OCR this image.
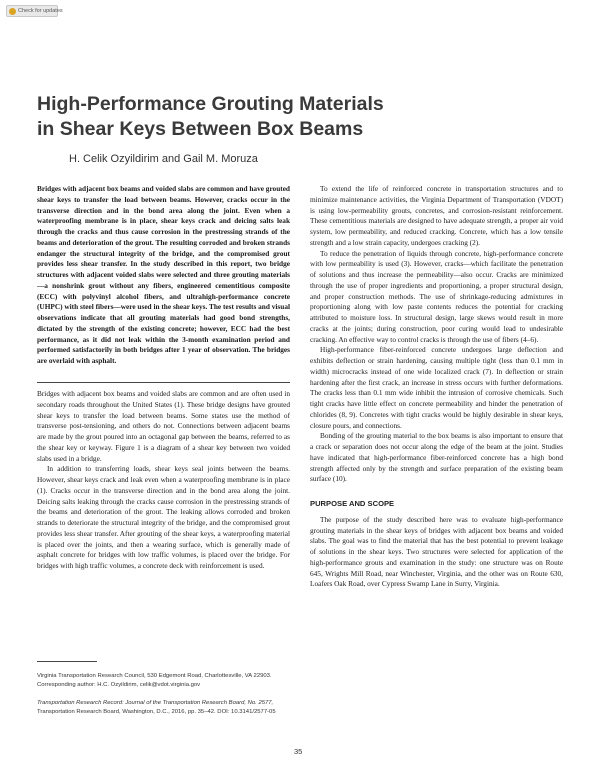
Check for updates
High-Performance Grouting Materials
in Shear Keys Between Box Beams

H. Celik Ozyildirim and Gail M. Moruza

Bridges with adjacent box beams and voided slabs are common and have grouted shear keys to transfer the load between beams. However, cracks occur in the transverse direction and in the bond area along the joint. Even when a waterproofing membrane is in place, shear keys crack and deicing salts leak through the cracks and thus cause corrosion in the prestressing strands of the beams and deterioration of the grout. The resulting corroded and broken strands endanger the structural integrity of the bridge, and the compromised grout provides less shear transfer. In the study described in this report, two bridge structures with adjacent voided slabs were selected and three grouting materials—a nonshrink grout without any fibers, engineered cementitious composite (ECC) with polyvinyl alcohol fibers, and ultrahigh-performance concrete (UHPC) with steel fibers—were used in the shear keys. The test results and visual observations indicate that all grouting materials had good bond strengths, dictated by the strength of the existing concrete; however, ECC had the best performance, as it did not leak within the 3-month examination period and performed satisfactorily in both bridges after 1 year of observation. The bridges are overlaid with asphalt.

Bridges with adjacent box beams and voided slabs are common and are often used in secondary roads throughout the United States (1). These bridge designs have grouted shear keys to transfer the load between beams. Some states use the method of transverse post-tensioning, and others do not. Connections between adjacent beams are made by the grout poured into an octagonal gap between the beams, referred to as the shear key or keyway. Figure 1 is a diagram of a shear key between two voided slabs used in a bridge.

In addition to transferring loads, shear keys seal joints between the beams. However, shear keys crack and leak even when a waterproofing membrane is in place (1). Cracks occur in the transverse direction and in the bond area along the joint. Deicing salts leaking through the cracks cause corrosion in the prestressing strands of the beams and deterioration of the grout. The leaking allows corroded and broken strands to deteriorate the structural integrity of the bridge, and the compromised grout provides less shear transfer. After grouting of the shear keys, a waterproofing material is placed over the joints, and then a wearing surface, which is generally made of asphalt concrete for bridges with low traffic volumes, is placed over the bridge. For bridges with high traffic volumes, a concrete deck with reinforcement is used.

Virginia Transportation Research Council, 530 Edgemont Road, Charlottesville, VA 22903. Corresponding author: H.C. Ozyildirim, celik@vdot.virginia.gov

Transportation Research Record: Journal of the Transportation Research Board, No. 2577, Transportation Research Board, Washington, D.C., 2016, pp. 35–42. DOI: 10.3141/2577-05

To extend the life of reinforced concrete in transportation structures and to minimize maintenance activities, the Virginia Department of Transportation (VDOT) is using low-permeability grouts, concretes, and corrosion-resistant reinforcement. These cementitious materials are designed to have adequate strength, a proper air void system, low permeability, and reduced cracking. Concrete, which has a low tensile strength and a low strain capacity, undergoes cracking (2).

To reduce the penetration of liquids through concrete, high-performance concrete with low permeability is used (3). However, cracks—which facilitate the penetration of solutions and thus increase the permeability—also occur. Cracks are minimized through the use of proper ingredients and proportioning, a proper structural design, and proper construction methods. The use of shrinkage-reducing admixtures in proportioning along with low paste contents reduces the potential for cracking attributed to moisture loss. In structural design, large skews would result in more cracks at the joints; during construction, poor curing would lead to undesirable cracking. An effective way to control cracks is through the use of fibers (4–6).

High-performance fiber-reinforced concrete undergoes large deflection and exhibits deflection or strain hardening, causing multiple tight (less than 0.1 mm in width) microcracks instead of one wide localized crack (7). In deflection or strain hardening after the first crack, an increase in stress occurs with further deformations. The cracks less than 0.1 mm wide inhibit the intrusion of corrosive chemicals. Such tight cracks have little effect on concrete permeability and hinder the penetration of chlorides (8, 9). Concretes with tight cracks would be highly desirable in shear keys, closure pours, and connections.

Bonding of the grouting material to the box beams is also important to ensure that a crack or separation does not occur along the edge of the beam at the joint. Studies have indicated that high-performance fiber-reinforced concrete has a high bond strength affected only by the strength and surface preparation of the existing beam surface (10).

PURPOSE AND SCOPE

The purpose of the study described here was to evaluate high-performance grouting materials in the shear keys of bridges with adjacent box beams and voided slabs. The goal was to find the material that has the best potential to prevent leakage of solutions in the shear keys. Two structures were selected for application of the high-performance grouts and examination in the study: one structure was on Route 645, Wrights Mill Road, near Winchester, Virginia, and the other was on Route 630, Loafers Oak Road, over Cypress Swamp Lane in Surry, Virginia.

35
